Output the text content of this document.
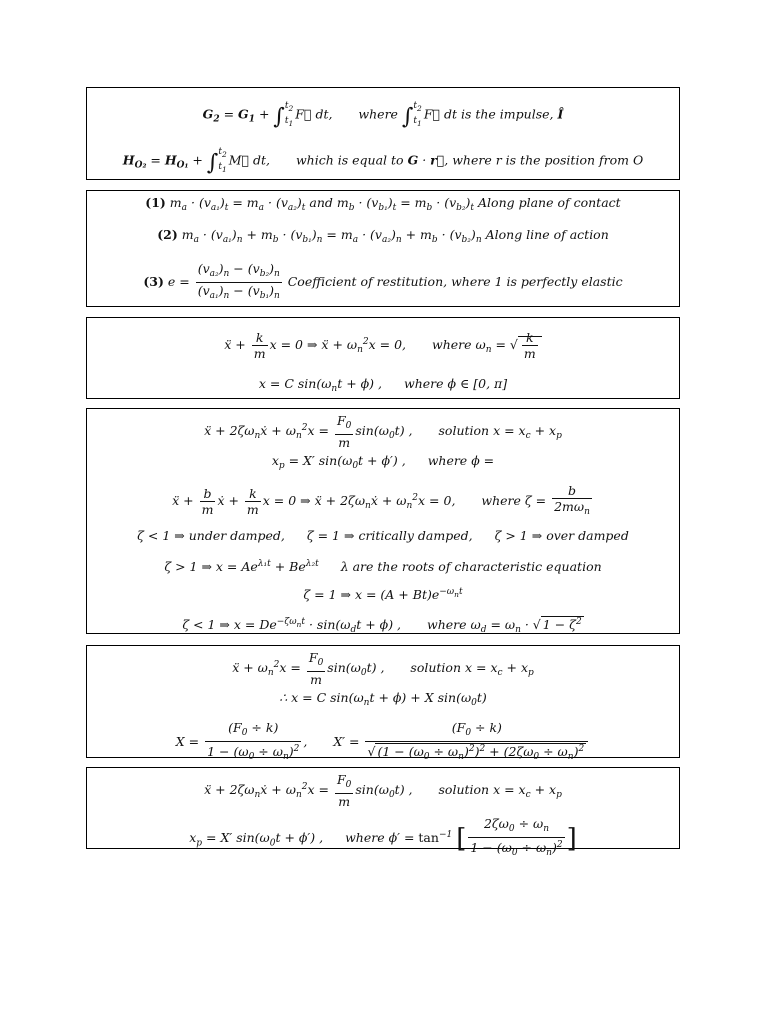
$G_2 = G_1$ + ∫ $t_2$
$t_1$
F⃗ dt, where ∫ $t_2$
$t_1$
F⃗ dt is the impulse, Î
$H_{O_2} = H_{O_1}$ + ∫ $t_2$
$t_1$
M⃗ dt, which is equal to G · r⃗, where r is the position from O
(1) $m_a \cdot (v_{a_1})_t = m_a \cdot (v_{a_2})_t$ and $m_b \cdot (v_{b_1})_t = m_b \cdot (v_{b_2})_t$ Along plane of contact
(2) $m_a \cdot (v_{a_1})_n + m_b \cdot (v_{b_1})_n = m_a \cdot (v_{a_2})_n + m_b \cdot (v_{b_2})_n$ Along line of action
(3) $e = \frac{(v_{a_2})_n - (v_{b_2})_n}{(v_{a_1})_n - (v_{b_1})_n}$ Coefficient of restitution, where 1 is perfectly elastic
ẍ + $\frac{k}{m}$ x = 0 ⇒ ẍ + $\omega_n^2x = 0$, where $\omega_n$ = √ $\frac{k}{m}$
x = C $\sin(\omega_nt + \phi)$ , where ϕ ∈ [0, π]
ẍ + $2\zeta\omega_nẋ + \omega_n^2x = \frac{F_0}{m} \sin(\omega_0t)$ , solution $x = x_c + x_p$
$x_p = X'$ $\sin(\omega_0t + \phi')$ , where ϕ =
ẍ + $\frac{b}{m}$ ẋ + $\frac{k}{m}$ x = 0 ⇒ ẍ + $2\zeta\omega_nẋ + \omega_n^2x = 0$, where $\zeta = \frac{b}{2m\omega_n}$
ζ < 1 ⇒ under damped, ζ = 1 ⇒ critically damped, ζ > 1 ⇒ over damped
ζ > 1 ⇒ $x = Ae^{\lambda_1t} + Be^{\lambda_2t}$ λ are the roots of characteristic equation
ζ = 1 ⇒ $x = (A + Bt)e^{-\omega_nt}$
ζ < 1 ⇒ $x = De^{-\zeta\omega_nt} \cdot \sin(\omega_dt + \phi)$ , where $\omega_d = \omega_n$ · √ $1 - \zeta^2$
ẍ + $\omega_n^2x = \frac{F_0}{m} \sin(\omega_0t)$ , solution $x = x_c + x_p$
∴ x = C $\sin(\omega_nt + \phi) + X$ $\sin(\omega_0t)$
$X = \frac{(F_0 \div k)}{1 - (\omega_0 \div \omega_n)^2}$ , $X' = \frac{(F_0 \div k)}{√ (1 - (\omega_0 \div \omega_n)^2)^2 + (2\zeta\omega_0 \div \omega_n)^2}$
ẍ + $2\zeta\omega_nẋ + \omega_n^2x = \frac{F_0}{m} \sin(\omega_0t)$ , solution $x = x_c + x_p$
$x_p = X'$ $\sin(\omega_0t + \phi')$ , where $\phi' = \tan^{-1}$ [ $\frac{2\zeta\omega_0 \div \omega_n}{1 - (\omega_0 \div \omega_n)^2}$ ]
